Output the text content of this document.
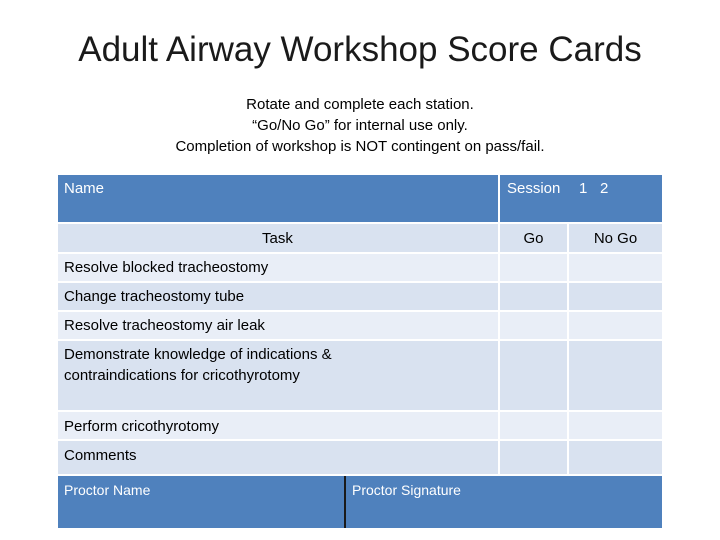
Adult Airway Workshop Score Cards
Rotate and complete each station.
“Go/No Go” for internal use only.
Completion of workshop is NOT contingent on pass/fail.
Name	Session 1 2
Task	Go	No Go
Resolve blocked tracheostomy
Change tracheostomy tube
Resolve tracheostomy air leak
Demonstrate knowledge of indications & contraindications for cricothyrotomy
Perform cricothyrotomy
Comments
Proctor Name	Proctor Signature
